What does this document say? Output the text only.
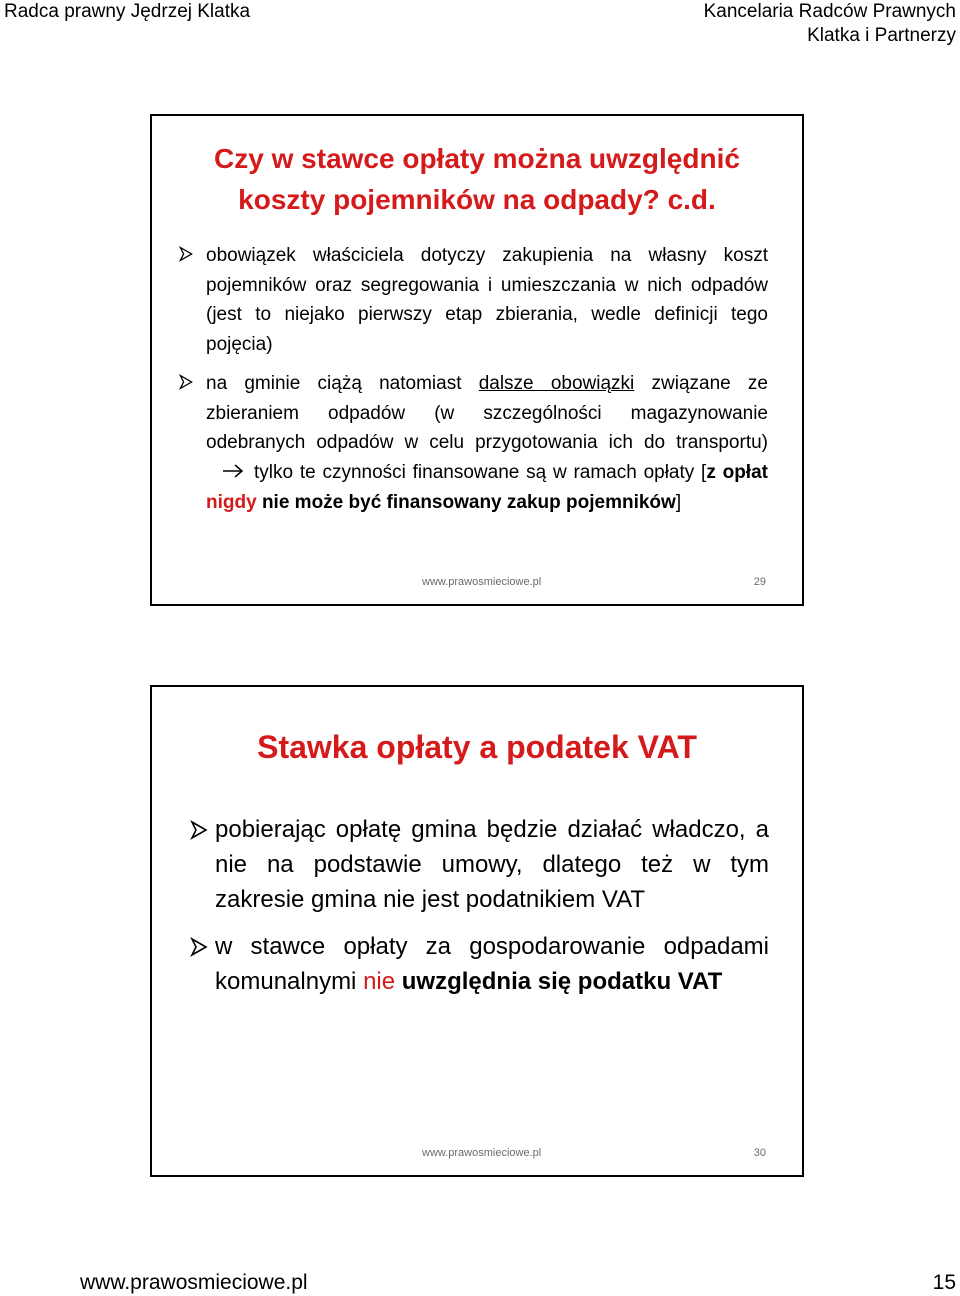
Radca prawny Jędrzej Klatka	Kancelaria Radców Prawnych
Klatka i Partnerzy
Czy w stawce opłaty można uwzględnić
koszty pojemników na odpady? c.d.
obowiązek właściciela dotyczy zakupienia na własny koszt pojemników oraz segregowania i umieszczania w nich odpadów (jest to niejako pierwszy etap zbierania, wedle definicji tego pojęcia)
na gminie ciążą natomiast dalsze obowiązki związane ze zbieraniem odpadów (w szczególności magazynowanie odebranych odpadów w celu przygotowania ich do transportu)tylko te czynności finansowane są w ramach opłaty [z opłat nigdy nie może być finansowany zakup pojemników]
www.prawosmieciowe.pl	29
Stawka opłaty a podatek VAT
pobierając opłatę gmina będzie działać władczo, a nie na podstawie umowy, dlatego też w tym zakresie gmina nie jest podatnikiem VAT
w stawce opłaty za gospodarowanie odpadami komunalnymi nie uwzględnia się podatku VAT
www.prawosmieciowe.pl	30
www.prawosmieciowe.pl	15
